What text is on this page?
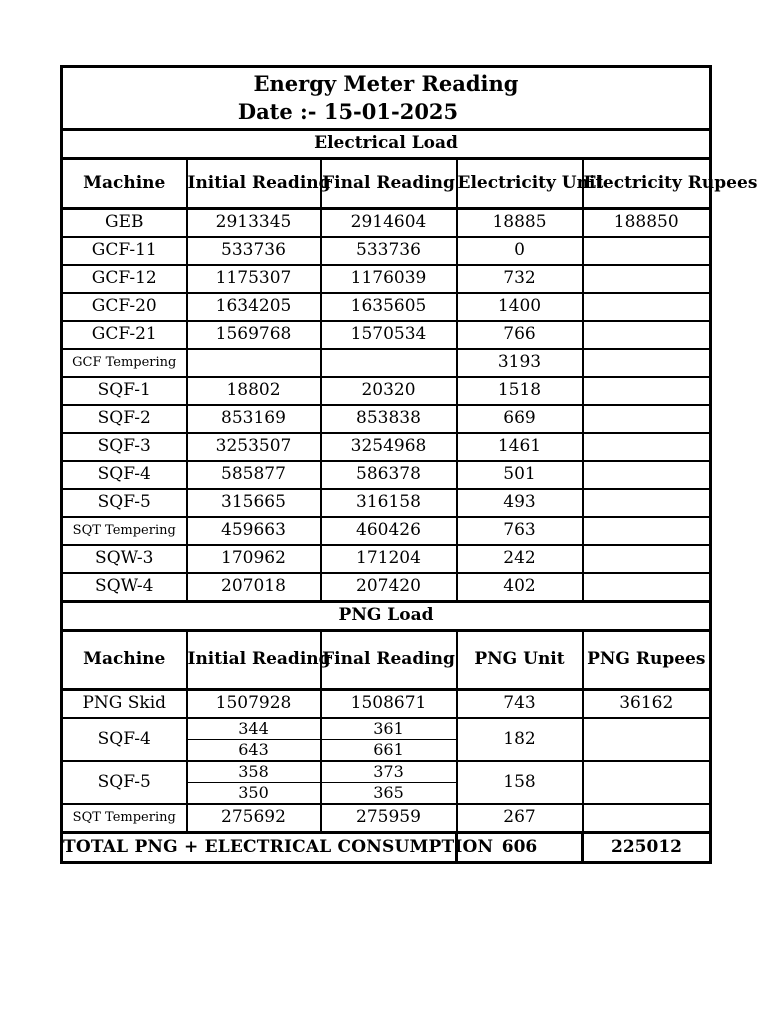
Energy Meter Reading
Date :- 15-01-2025				

Electrical Load				
Machine	Initial Reading	Final Reading	Electricity Unit	Electricity Rupees
GEB	2913345	2914604	18885	188850
GCF-11	533736	533736	0	
GCF-12	1175307	1176039	732	
GCF-20	1634205	1635605	1400	
GCF-21	1569768	1570534	766	
GCF Tempering			3193	
SQF-1	18802	20320	1518	
SQF-2	853169	853838	669	
SQF-3	3253507	3254968	1461	
SQF-4	585877	586378	501	
SQF-5	315665	316158	493	
SQT Tempering	459663	460426	763	
SQW-3	170962	171204	242	
SQW-4	207018	207420	402	
PNG Load				
Machine	Initial Reading	Final Reading	PNG Unit	PNG Rupees
PNG Skid	1507928	1508671	743	36162
SQF-4	344	361	182	
	643	661		
SQF-5	358	373	158	
	350	365		
SQT Tempering	275692	275959	267	
TOTAL PNG + ELECTRICAL CONSUMPTION			606	225012
